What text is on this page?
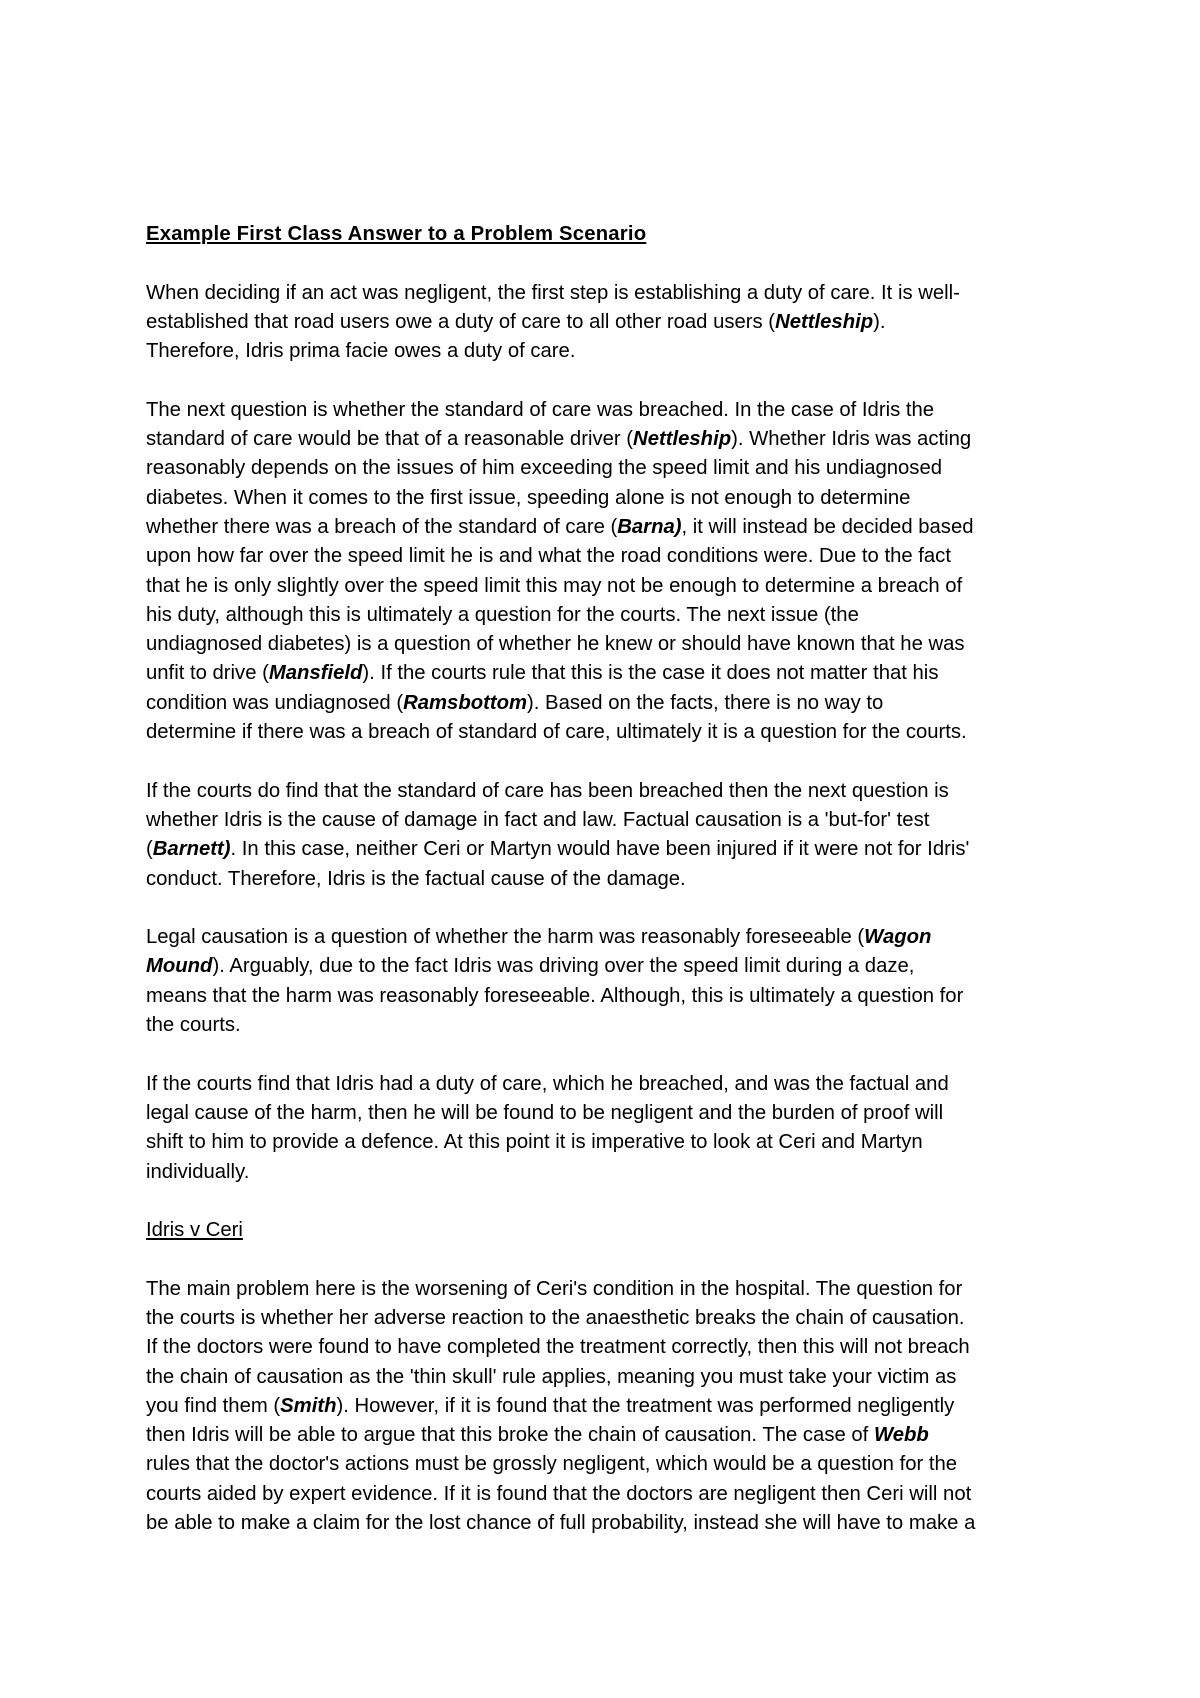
Example First Class Answer to a Problem Scenario
When deciding if an act was negligent, the first step is establishing a duty of care. It is well-
established that road users owe a duty of care to all other road users (Nettleship).
Therefore, Idris prima facie owes a duty of care.
The next question is whether the standard of care was breached. In the case of Idris the
standard of care would be that of a reasonable driver (Nettleship). Whether Idris was acting
reasonably depends on the issues of him exceeding the speed limit and his undiagnosed
diabetes. When it comes to the first issue, speeding alone is not enough to determine
whether there was a breach of the standard of care (Barna), it will instead be decided based
upon how far over the speed limit he is and what the road conditions were. Due to the fact
that he is only slightly over the speed limit this may not be enough to determine a breach of
his duty, although this is ultimately a question for the courts. The next issue (the
undiagnosed diabetes) is a question of whether he knew or should have known that he was
unfit to drive (Mansfield). If the courts rule that this is the case it does not matter that his
condition was undiagnosed (Ramsbottom). Based on the facts, there is no way to
determine if there was a breach of standard of care, ultimately it is a question for the courts.
If the courts do find that the standard of care has been breached then the next question is
whether Idris is the cause of damage in fact and law. Factual causation is a 'but-for' test
(Barnett). In this case, neither Ceri or Martyn would have been injured if it were not for Idris'
conduct. Therefore, Idris is the factual cause of the damage.
Legal causation is a question of whether the harm was reasonably foreseeable (Wagon
Mound). Arguably, due to the fact Idris was driving over the speed limit during a daze,
means that the harm was reasonably foreseeable. Although, this is ultimately a question for
the courts.
If the courts find that Idris had a duty of care, which he breached, and was the factual and
legal cause of the harm, then he will be found to be negligent and the burden of proof will
shift to him to provide a defence. At this point it is imperative to look at Ceri and Martyn
individually.
Idris v Ceri
The main problem here is the worsening of Ceri's condition in the hospital. The question for
the courts is whether her adverse reaction to the anaesthetic breaks the chain of causation.
If the doctors were found to have completed the treatment correctly, then this will not breach
the chain of causation as the 'thin skull' rule applies, meaning you must take your victim as
you find them (Smith). However, if it is found that the treatment was performed negligently
then Idris will be able to argue that this broke the chain of causation. The case of Webb
rules that the doctor's actions must be grossly negligent, which would be a question for the
courts aided by expert evidence. If it is found that the doctors are negligent then Ceri will not
be able to make a claim for the lost chance of full probability, instead she will have to make a
